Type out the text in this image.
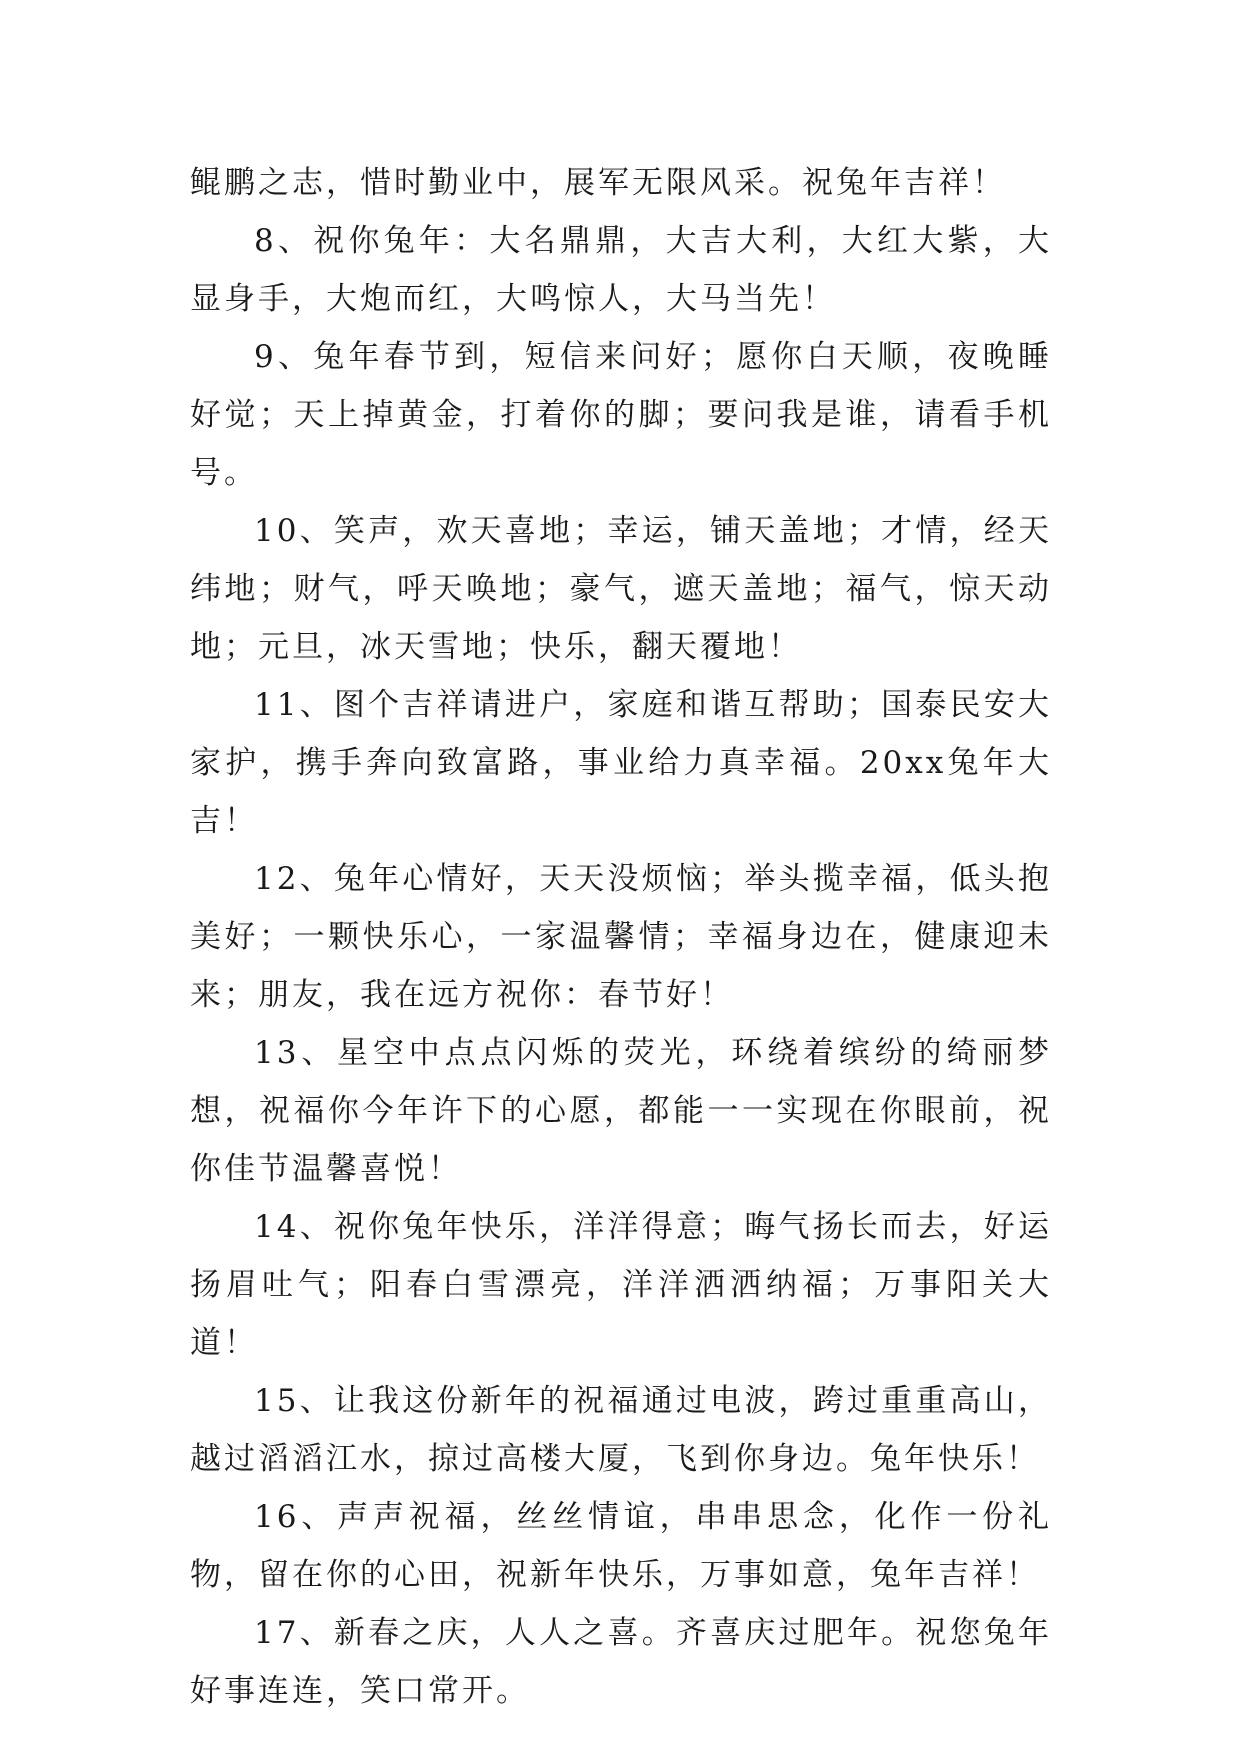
鲲鹏之志，惜时勤业中，展军无限风采。祝兔年吉祥！

8、祝你兔年：大名鼎鼎，大吉大利，大红大紫，大显身手，大炮而红，大鸣惊人，大马当先！

9、兔年春节到，短信来问好；愿你白天顺，夜晚睡好觉；天上掉黄金，打着你的脚；要问我是谁，请看手机号。

10、笑声，欢天喜地；幸运，铺天盖地；才情，经天纬地；财气，呼天唤地；豪气，遮天盖地；福气，惊天动地；元旦，冰天雪地；快乐，翻天覆地！

11、图个吉祥请进户，家庭和谐互帮助；国泰民安大家护，携手奔向致富路，事业给力真幸福。20xx兔年大吉！

12、兔年心情好，天天没烦恼；举头揽幸福，低头抱美好；一颗快乐心，一家温馨情；幸福身边在，健康迎未来；朋友，我在远方祝你：春节好！

13、星空中点点闪烁的荧光，环绕着缤纷的绮丽梦想，祝福你今年许下的心愿，都能一一实现在你眼前，祝你佳节温馨喜悦！

14、祝你兔年快乐，洋洋得意；晦气扬长而去，好运扬眉吐气；阳春白雪漂亮，洋洋洒洒纳福；万事阳关大道！

15、让我这份新年的祝福通过电波，跨过重重高山，越过滔滔江水，掠过高楼大厦，飞到你身边。兔年快乐！

16、声声祝福，丝丝情谊，串串思念，化作一份礼物，留在你的心田，祝新年快乐，万事如意，兔年吉祥！

17、新春之庆，人人之喜。齐喜庆过肥年。祝您兔年好事连连，笑口常开。
